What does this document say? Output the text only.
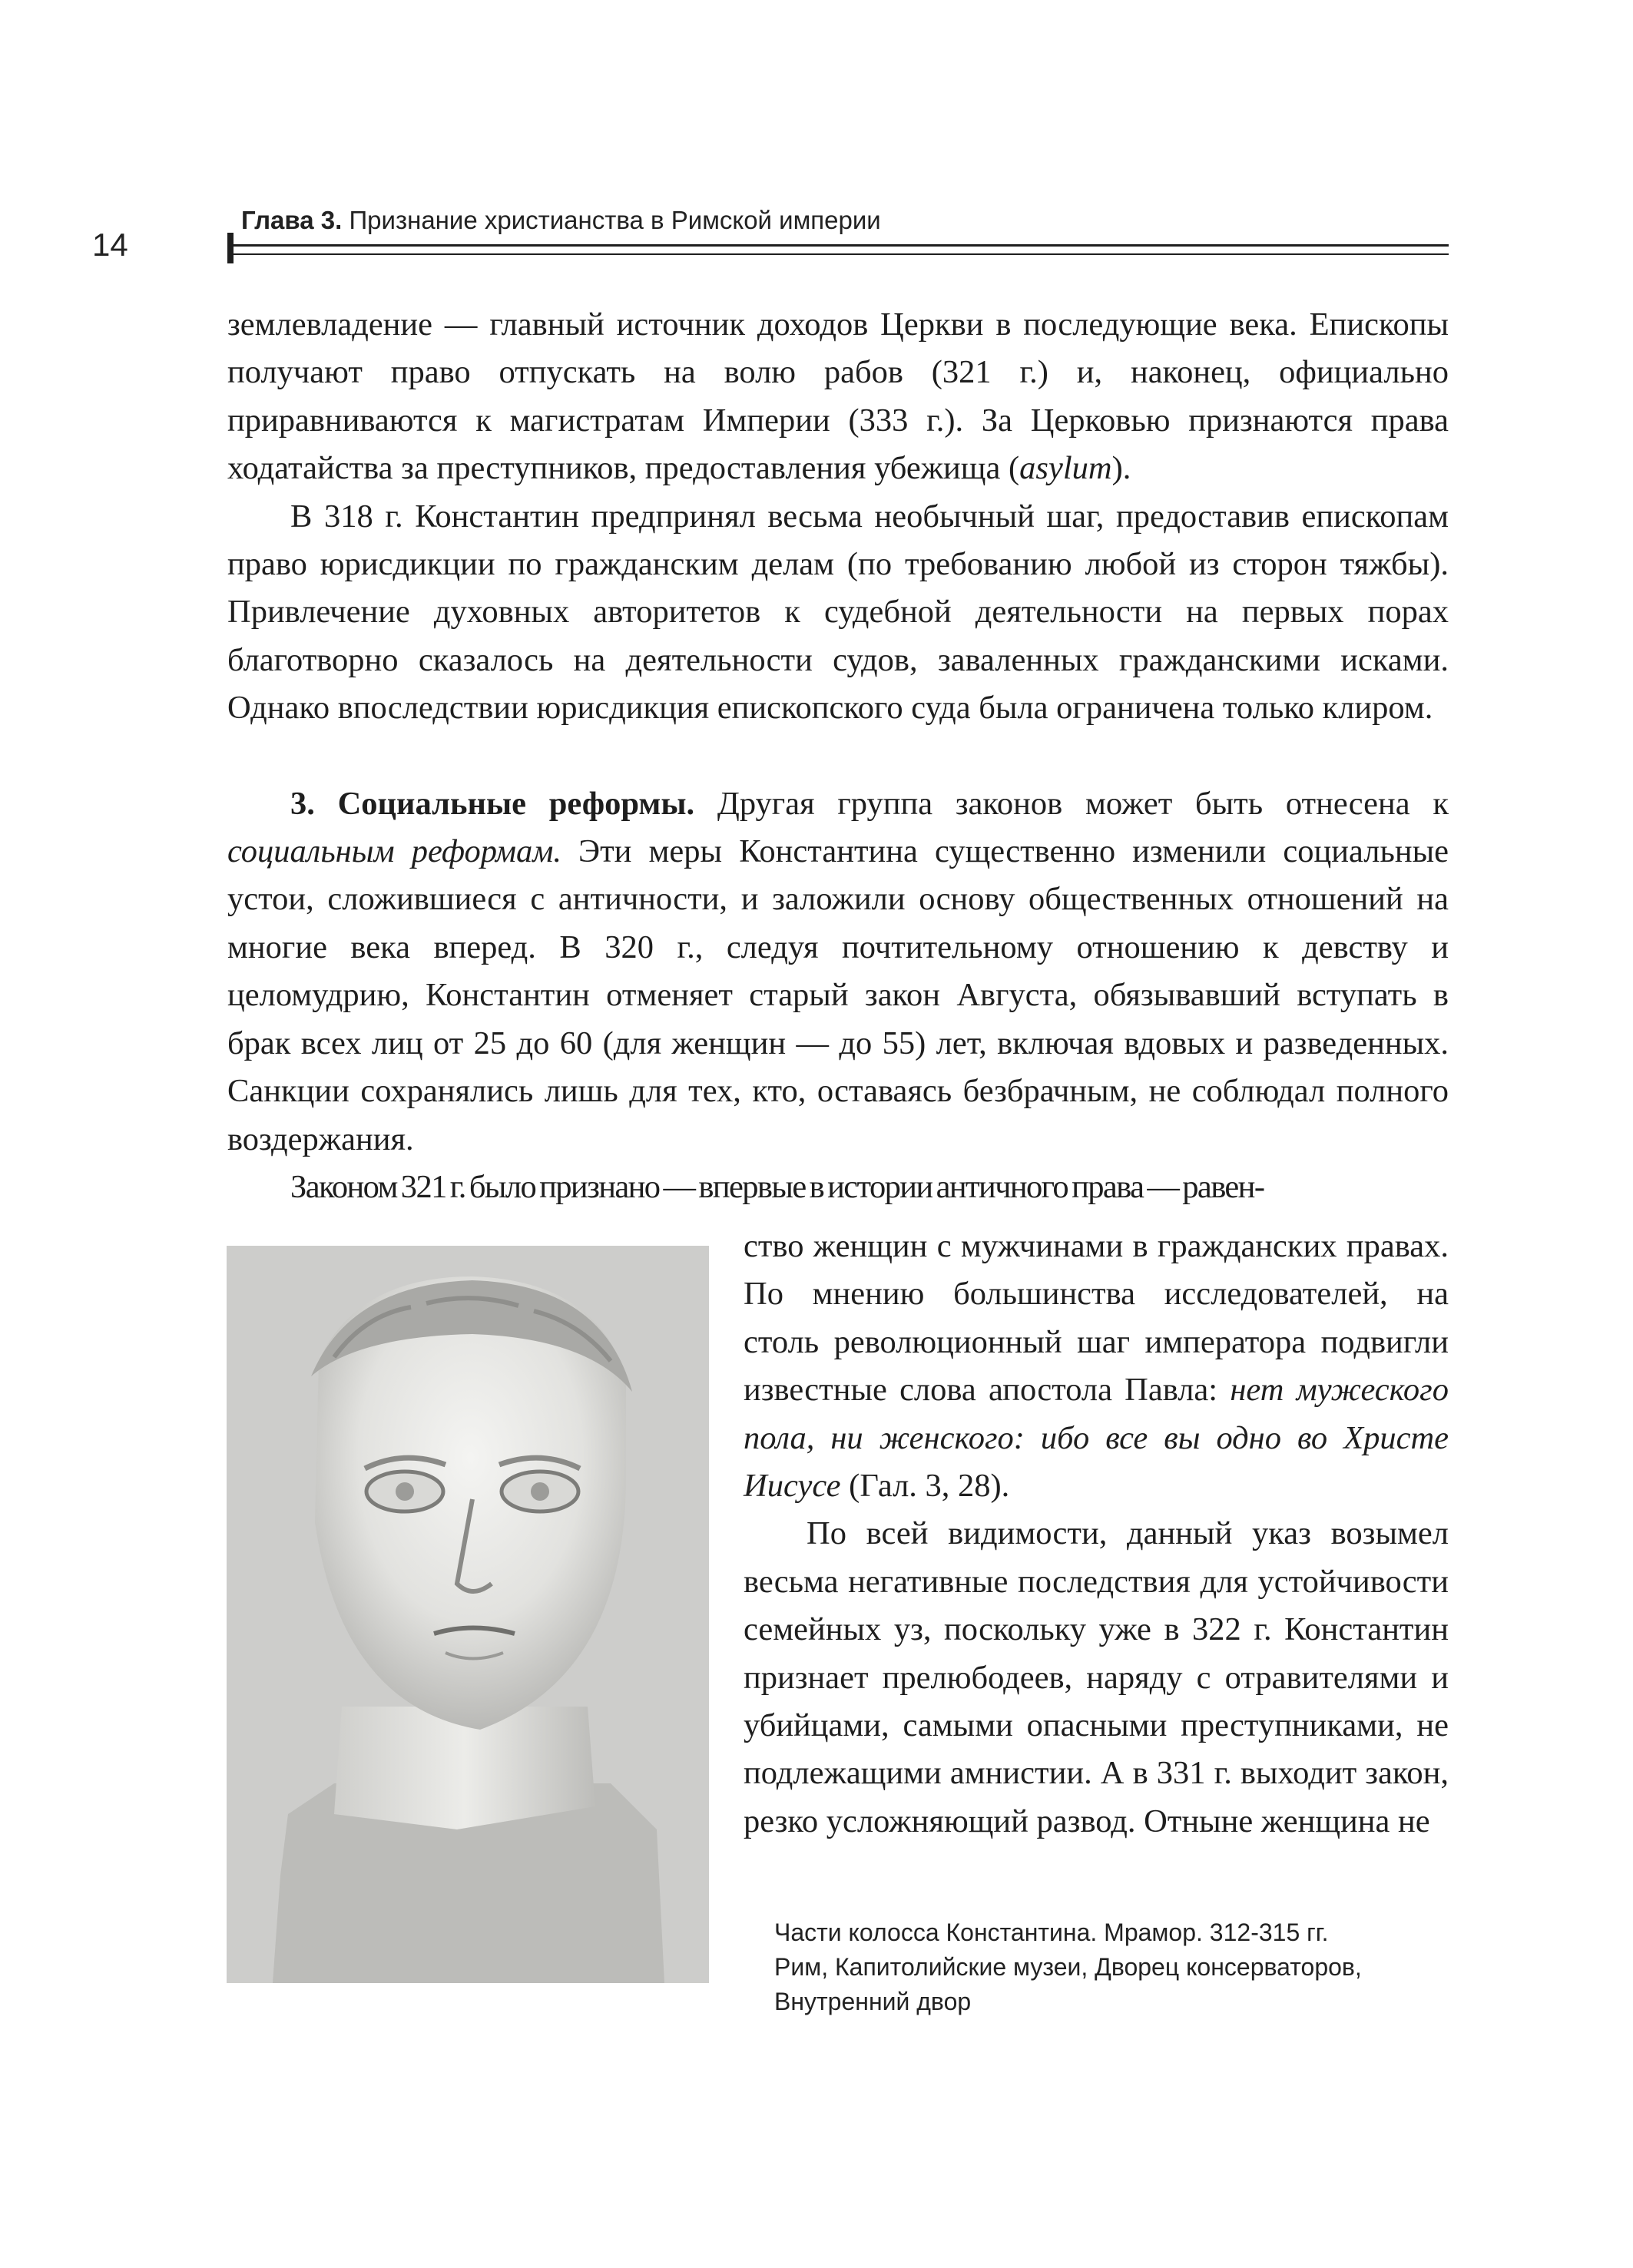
14
Глава 3. Признание христианства в Римской империи

землевладение — главный источник доходов Церкви в последующие века. Епископы получают право отпускать на волю рабов (321 г.) и, наконец, официально приравниваются к магистратам Империи (333 г.). За Церковью признаются права ходатайства за преступников, предоставления убежища (asylum).

В 318 г. Константин предпринял весьма необычный шаг, предоставив епископам право юрисдикции по гражданским делам (по требованию любой из сторон тяжбы). Привлечение духовных авторитетов к судебной деятельности на первых порах благотворно сказалось на деятельности судов, заваленных гражданскими исками. Однако впоследствии юрисдикция епископского суда была ограничена только клиром.

3. Социальные реформы. Другая группа законов может быть отнесена к социальным реформам. Эти меры Константина существенно изменили социальные устои, сложившиеся с античности, и заложили основу общественных отношений на многие века вперед. В 320 г., следуя почтительному отношению к девству и целомудрию, Константин отменяет старый закон Августа, обязывавший вступать в брак всех лиц от 25 до 60 (для женщин — до 55) лет, включая вдовых и разведенных. Санкции сохранялись лишь для тех, кто, оставаясь безбрачным, не соблюдал полного воздержания.

Законом 321 г. было признано — впервые в истории античного права — равен-

ство женщин с мужчинами в гражданских правах. По мнению большинства исследователей, на столь революционный шаг императора подвигли известные слова апостола Павла: нет мужеского пола, ни женского: ибо все вы одно во Христе Иисусе (Гал. 3, 28).

По всей видимости, данный указ возымел весьма негативные последствия для устойчивости семейных уз, поскольку уже в 322 г. Константин признает прелюбодеев, наряду с отравителями и убийцами, самыми опасными преступниками, не подлежащими амнистии. А в 331 г. выходит закон, резко усложняющий развод. Отныне женщина не

Части колосса Константина. Мрамор. 312-315 гг.
Рим, Капитолийские музеи, Дворец консерваторов,
Внутренний двор
